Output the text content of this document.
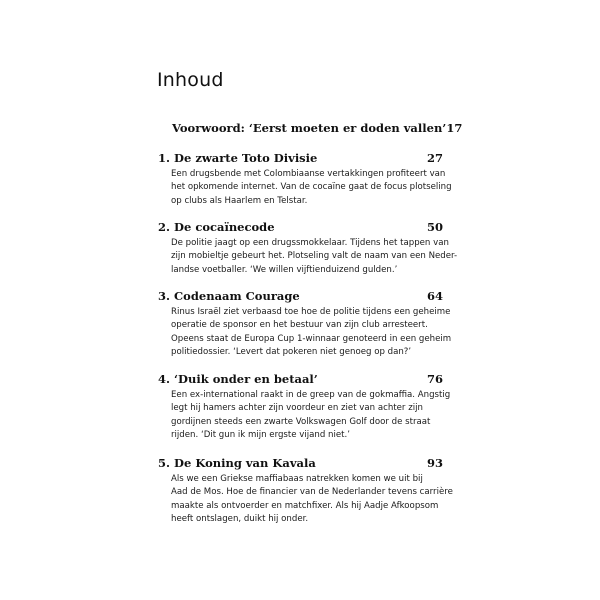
Inhoud
Voorwoord: ‘Eerst moeten er doden vallen’ 17
1. De zwarte Toto Divisie	27

Een drugsbende met Colombiaanse vertakkingen profiteert van
het opkomende internet. Van de cocaïne gaat de focus plotseling
op clubs als Haarlem en Telstar.

2. De cocaïnecode	50

De politie jaagt op een drugssmokkelaar. Tijdens het tappen van
zijn mobieltje gebeurt het. Plotseling valt de naam van een Neder-
landse voetballer. ‘We willen vijftienduizend gulden.’

3. Codenaam Courage	64

Rinus Israël ziet verbaasd toe hoe de politie tijdens een geheime
operatie de sponsor en het bestuur van zijn club arresteert.
Opeens staat de Europa Cup 1-winnaar genoteerd in een geheim
politiedossier. ‘Levert dat pokeren niet genoeg op dan?’

4. ‘Duik onder en betaal’	76

Een ex-international raakt in de greep van de gokmaffia. Angstig
legt hij hamers achter zijn voordeur en ziet van achter zijn
gordijnen steeds een zwarte Volkswagen Golf door de straat
rijden. ‘Dit gun ik mijn ergste vijand niet.’

5. De Koning van Kavala	93

Als we een Griekse maffiabaas natrekken komen we uit bij
Aad de Mos. Hoe de financier van de Nederlander tevens carrière
maakte als ontvoerder en matchfixer. Als hij Aadje Afkoopsom
heeft ontslagen, duikt hij onder.
